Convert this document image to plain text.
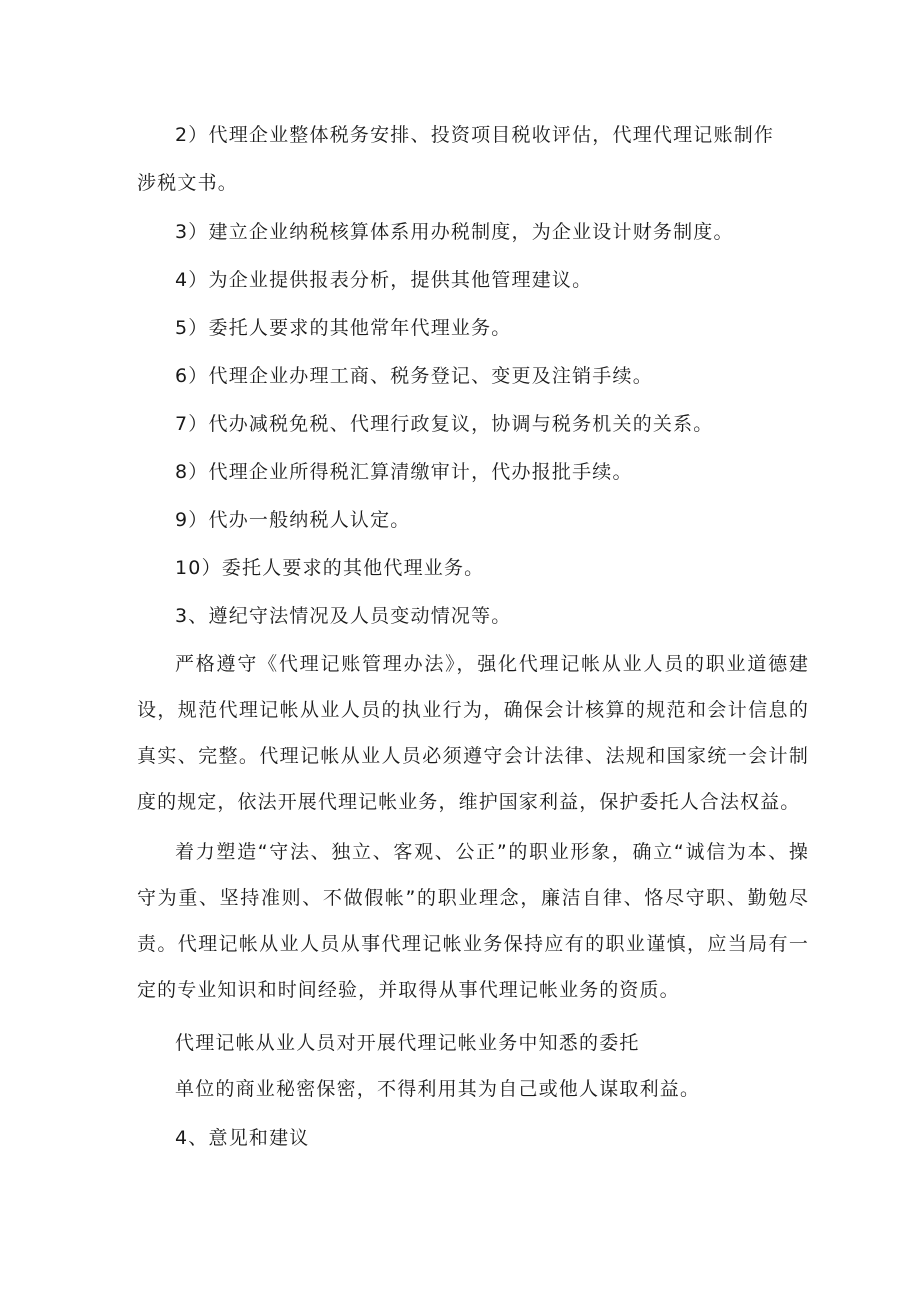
2）代理企业整体税务安排、投资项目税收评估，代理代理记账制作
涉税文书。
3）建立企业纳税核算体系用办税制度，为企业设计财务制度。
4）为企业提供报表分析，提供其他管理建议。
5）委托人要求的其他常年代理业务。
6）代理企业办理工商、税务登记、变更及注销手续。
7）代办减税免税、代理行政复议，协调与税务机关的关系。
8）代理企业所得税汇算清缴审计，代办报批手续。
9）代办一般纳税人认定。
10）委托人要求的其他代理业务。
3、遵纪守法情况及人员变动情况等。

严格遵守《代理记账管理办法》，强化代理记帐从业人员的职业道德建设，规范代理记帐从业人员的执业行为，确保会计核算的规范和会计信息的真实、完整。代理记帐从业人员必须遵守会计法律、法规和国家统一会计制度的规定，依法开展代理记帐业务，维护国家利益，保护委托人合法权益。

着力塑造“守法、独立、客观、公正”的职业形象，确立“诚信为本、操守为重、坚持准则、不做假帐”的职业理念，廉洁自律、恪尽守职、勤勉尽责。代理记帐从业人员从事代理记帐业务保持应有的职业谨慎，应当局有一定的专业知识和时间经验，并取得从事代理记帐业务的资质。

代理记帐从业人员对开展代理记帐业务中知悉的委托
单位的商业秘密保密，不得利用其为自己或他人谋取利益。
4、意见和建议
